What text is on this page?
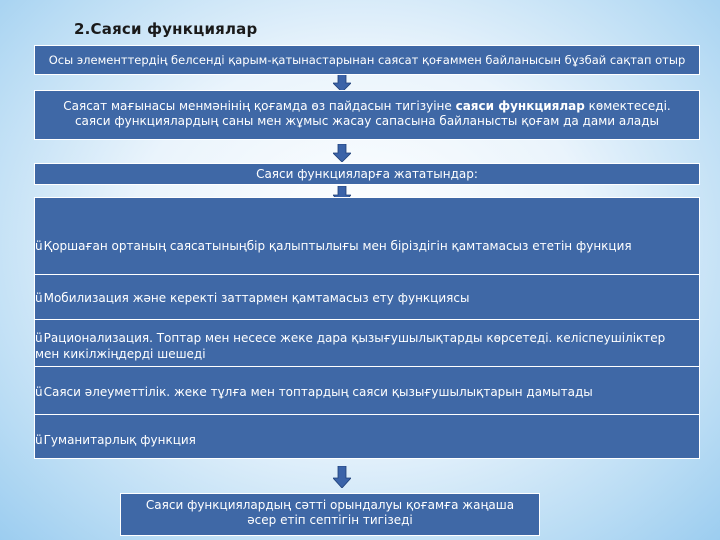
2.Саяси функциялар
Осы элементтердің белсенді қарым-қатынастарынан саясат қоғаммен байланысын бұзбай сақтап отыр
Саясат мағынасы менмәнінің қоғамда өз пайдасын тигізуіне саяси функциялар көмектеседі. саяси функциялардың саны мен жұмыс жасау сапасына байланысты қоғам да дами алады
Саяси функцияларға жататындар:
üҚоршаған ортаның саясатыныңбір қалыптылығы мен біріздігін қамтамасыз ететін функция
üМобилизация және керекті заттармен қамтамасыз ету функциясы
üРационализация. Топтар мен несесе жеке дара қызығушылықтарды көрсетеді. келіспеушіліктер мен кикілжіңдерді шешеді
üСаяси әлеуметтілік. жеке тұлға мен топтардың саяси қызығушылықтарын дамытады
üГуманитарлық функция
Саяси функциялардың сәтті орындалуы қоғамға жаңаша әсер етіп септігін тигізеді
